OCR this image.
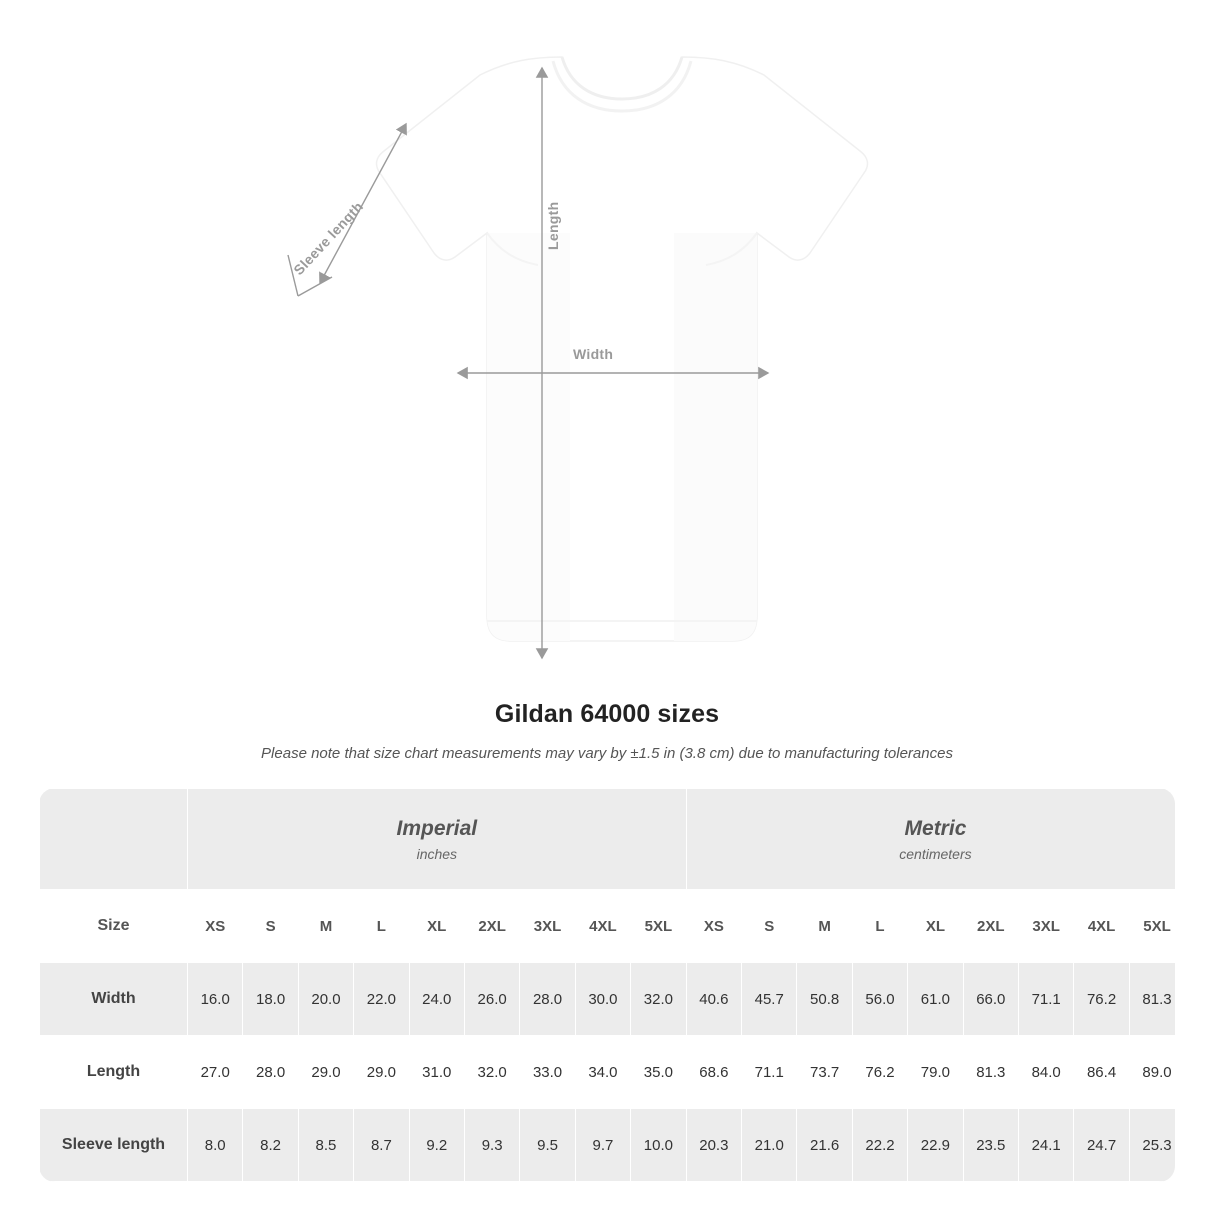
Width
Length
Sleeve length
Gildan 64000 sizes
Please note that size chart measurements may vary by ±1.5 in (3.8 cm) due to manufacturing tolerances

Imperial
inches

Metric
centimeters

Size	XS	S	M	L	XL	2XL	3XL	4XL	5XL	XS	S	M	L	XL	2XL	3XL	4XL	5XL
Width	16.0	18.0	20.0	22.0	24.0	26.0	28.0	30.0	32.0	40.6	45.7	50.8	56.0	61.0	66.0	71.1	76.2	81.3
Length	27.0	28.0	29.0	29.0	31.0	32.0	33.0	34.0	35.0	68.6	71.1	73.7	76.2	79.0	81.3	84.0	86.4	89.0
Sleeve length	8.0	8.2	8.5	8.7	9.2	9.3	9.5	9.7	10.0	20.3	21.0	21.6	22.2	22.9	23.5	24.1	24.7	25.3
